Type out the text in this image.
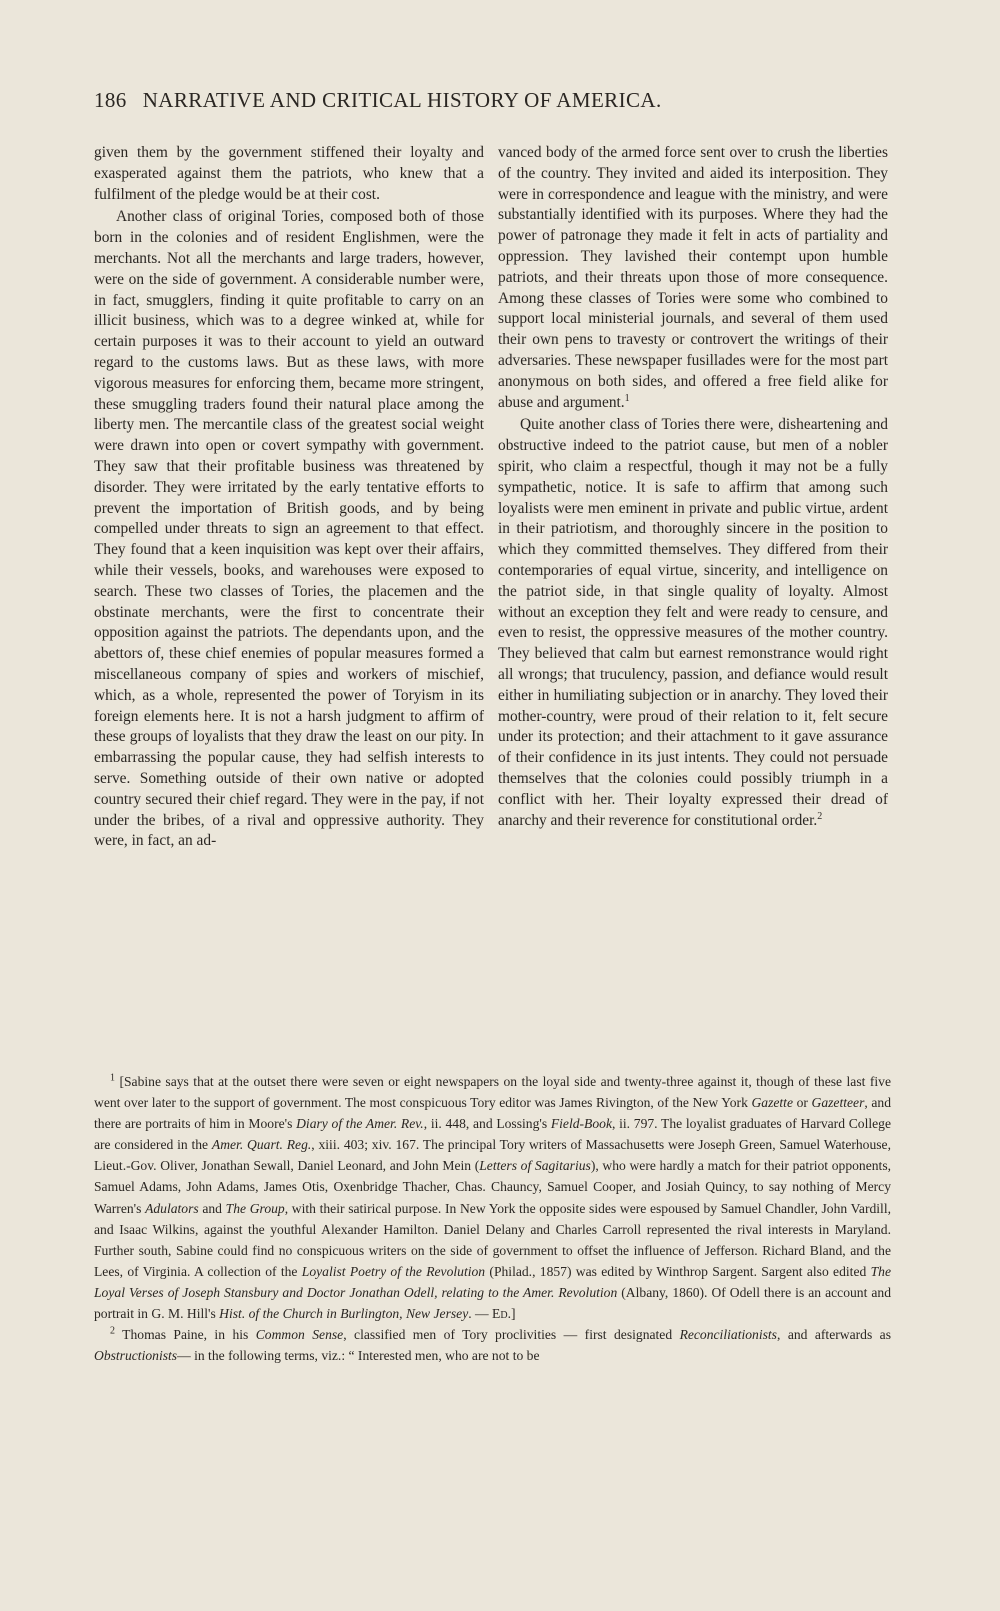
186 NARRATIVE AND CRITICAL HISTORY OF AMERICA.

given them by the government stiffened their loyalty and exasperated against them the patriots, who knew that a fulfilment of the pledge would be at their cost.

Another class of original Tories, composed both of those born in the colonies and of resident Englishmen, were the merchants. Not all the merchants and large traders, however, were on the side of government. A considerable number were, in fact, smugglers, finding it quite profitable to carry on an illicit business, which was to a degree winked at, while for certain purposes it was to their account to yield an outward regard to the customs laws. But as these laws, with more vigorous measures for enforcing them, became more stringent, these smuggling traders found their natural place among the liberty men. The mercantile class of the greatest social weight were drawn into open or covert sympathy with government. They saw that their profitable business was threatened by disorder. They were irritated by the early tentative efforts to prevent the importation of British goods, and by being compelled under threats to sign an agreement to that effect. They found that a keen inquisition was kept over their affairs, while their vessels, books, and warehouses were exposed to search. These two classes of Tories, the placemen and the obstinate merchants, were the first to concentrate their opposition against the patriots. The dependants upon, and the abettors of, these chief enemies of popular measures formed a miscellaneous company of spies and workers of mischief, which, as a whole, represented the power of Toryism in its foreign elements here. It is not a harsh judgment to affirm of these groups of loyalists that they draw the least on our pity. In embarrassing the popular cause, they had selfish interests to serve. Something outside of their own native or adopted country secured their chief regard. They were in the pay, if not under the bribes, of a rival and oppressive authority. They were, in fact, an ad-

vanced body of the armed force sent over to crush the liberties of the country. They invited and aided its interposition. They were in correspondence and league with the ministry, and were substantially identified with its purposes. Where they had the power of patronage they made it felt in acts of partiality and oppression. They lavished their contempt upon humble patriots, and their threats upon those of more consequence. Among these classes of Tories were some who combined to support local ministerial journals, and several of them used their own pens to travesty or controvert the writings of their adversaries. These newspaper fusillades were for the most part anonymous on both sides, and offered a free field alike for abuse and argument.$^1$

Quite another class of Tories there were, disheartening and obstructive indeed to the patriot cause, but men of a nobler spirit, who claim a respectful, though it may not be a fully sympathetic, notice. It is safe to affirm that among such loyalists were men eminent in private and public virtue, ardent in their patriotism, and thoroughly sincere in the position to which they committed themselves. They differed from their contemporaries of equal virtue, sincerity, and intelligence on the patriot side, in that single quality of loyalty. Almost without an exception they felt and were ready to censure, and even to resist, the oppressive measures of the mother country. They believed that calm but earnest remonstrance would right all wrongs; that truculency, passion, and defiance would result either in humiliating subjection or in anarchy. They loved their mother-country, were proud of their relation to it, felt secure under its protection; and their attachment to it gave assurance of their confidence in its just intents. They could not persuade themselves that the colonies could possibly triumph in a conflict with her. Their loyalty expressed their dread of anarchy and their reverence for constitutional order.$^2$

$^1$ [Sabine says that at the outset there were seven or eight newspapers on the loyal side and twenty-three against it, though of these last five went over later to the support of government. The most conspicuous Tory editor was James Rivington, of the New York Gazette or Gazetteer, and there are portraits of him in Moore's Diary of the Amer. Rev., ii. 448, and Lossing's Field-Book, ii. 797. The loyalist graduates of Harvard College are considered in the Amer. Quart. Reg., xiii. 403; xiv. 167. The principal Tory writers of Massachusetts were Joseph Green, Samuel Waterhouse, Lieut.-Gov. Oliver, Jonathan Sewall, Daniel Leonard, and John Mein (Letters of Sagitarius), who were hardly a match for their patriot opponents, Samuel Adams, John Adams, James Otis, Oxenbridge Thacher, Chas. Chauncy, Samuel Cooper, and Josiah Quincy, to say nothing of Mercy Warren's Adulators and The Group, with their satirical purpose. In New York the opposite sides were espoused by Samuel Chandler, John Vardill, and Isaac Wilkins, against the youthful Alexander Hamilton. Daniel Delany and Charles Carroll represented the rival interests in Maryland. Further south, Sabine could find no conspicuous writers on the side of government to offset the influence of Jefferson. Richard Bland, and the Lees, of Virginia. A collection of the Loyalist Poetry of the Revolution (Philad., 1857) was edited by Winthrop Sargent. Sargent also edited The Loyal Verses of Joseph Stansbury and Doctor Jonathan Odell, relating to the Amer. Revolution (Albany, 1860). Of Odell there is an account and portrait in G. M. Hill's Hist. of the Church in Burlington, New Jersey. — Ed.]

$^2$ Thomas Paine, in his Common Sense, classified men of Tory proclivities — first designated Reconciliationists, and afterwards as Obstructionists— in the following terms, viz.: “ Interested men, who are not to be
